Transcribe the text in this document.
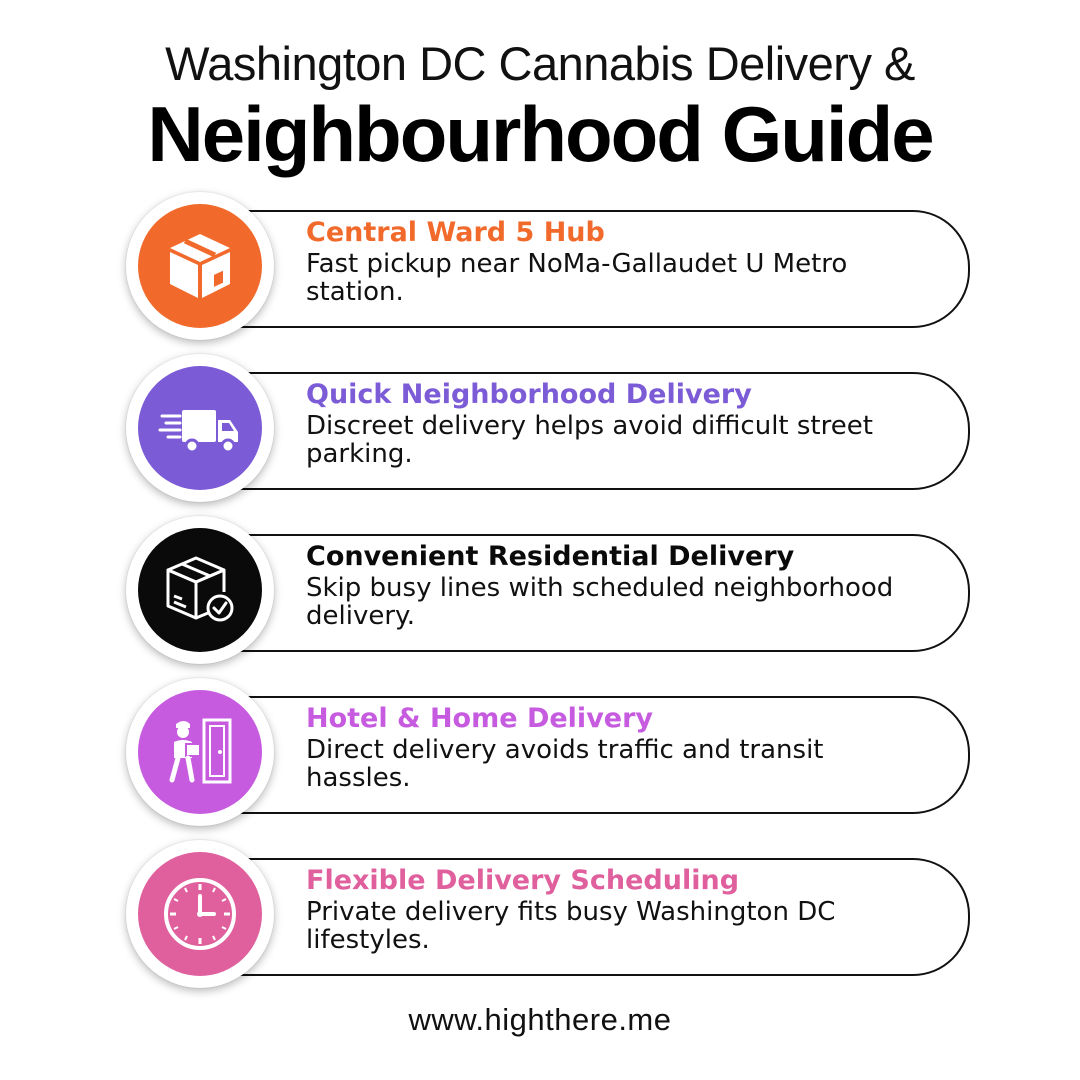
Washington DC Cannabis Delivery &
Neighbourhood Guide
Central Ward 5 Hub
Fast pickup near NoMa-Gallaudet U Metro station.
Quick Neighborhood Delivery
Discreet delivery helps avoid difficult street parking.
Convenient Residential Delivery
Skip busy lines with scheduled neighborhood delivery.
Hotel & Home Delivery
Direct delivery avoids traffic and transit hassles.
Flexible Delivery Scheduling
Private delivery fits busy Washington DC lifestyles.
www.highthere.me
